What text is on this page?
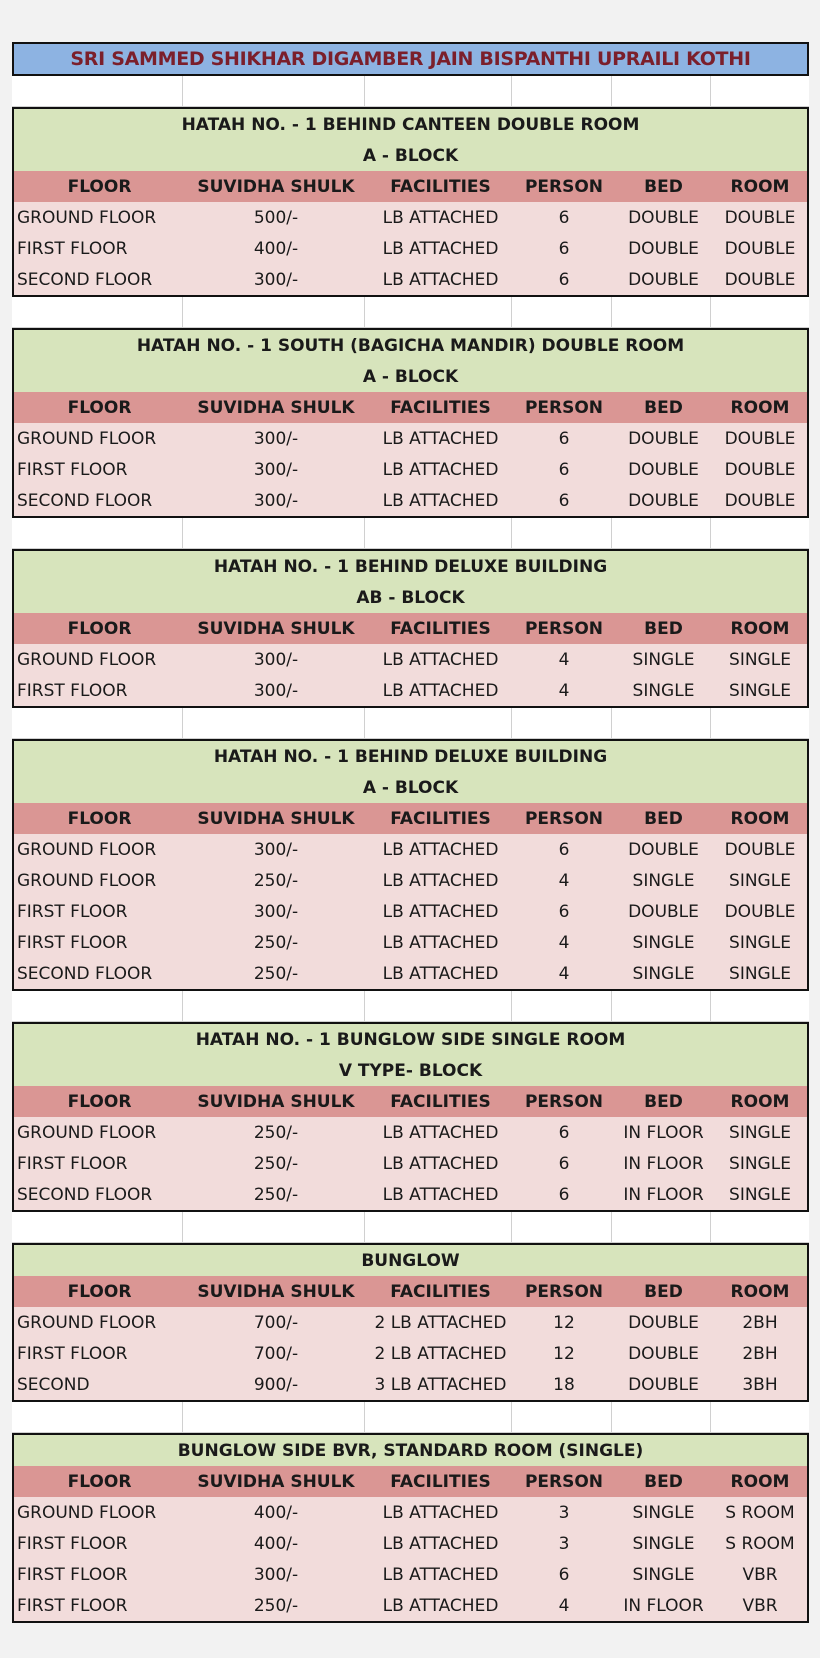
SRI SAMMED SHIKHAR DIGAMBER JAIN BISPANTHI UPRAILI KOTHI
HATAH NO. - 1 BEHIND CANTEEN DOUBLE ROOM
A - BLOCK
FLOOR	SUVIDHA SHULK	FACILITIES	PERSON	BED	ROOM
GROUND FLOOR	500/-	LB ATTACHED	6	DOUBLE	DOUBLE
FIRST FLOOR	400/-	LB ATTACHED	6	DOUBLE	DOUBLE
SECOND FLOOR	300/-	LB ATTACHED	6	DOUBLE	DOUBLE
HATAH NO. - 1 SOUTH (BAGICHA MANDIR) DOUBLE ROOM
A - BLOCK
FLOOR	SUVIDHA SHULK	FACILITIES	PERSON	BED	ROOM
GROUND FLOOR	300/-	LB ATTACHED	6	DOUBLE	DOUBLE
FIRST FLOOR	300/-	LB ATTACHED	6	DOUBLE	DOUBLE
SECOND FLOOR	300/-	LB ATTACHED	6	DOUBLE	DOUBLE
HATAH NO. - 1 BEHIND DELUXE BUILDING
AB - BLOCK
FLOOR	SUVIDHA SHULK	FACILITIES	PERSON	BED	ROOM
GROUND FLOOR	300/-	LB ATTACHED	4	SINGLE	SINGLE
FIRST FLOOR	300/-	LB ATTACHED	4	SINGLE	SINGLE
HATAH NO. - 1 BEHIND DELUXE BUILDING
A - BLOCK
FLOOR	SUVIDHA SHULK	FACILITIES	PERSON	BED	ROOM
GROUND FLOOR	300/-	LB ATTACHED	6	DOUBLE	DOUBLE
GROUND FLOOR	250/-	LB ATTACHED	4	SINGLE	SINGLE
FIRST FLOOR	300/-	LB ATTACHED	6	DOUBLE	DOUBLE
FIRST FLOOR	250/-	LB ATTACHED	4	SINGLE	SINGLE
SECOND FLOOR	250/-	LB ATTACHED	4	SINGLE	SINGLE
HATAH NO. - 1 BUNGLOW SIDE SINGLE ROOM
V TYPE- BLOCK
FLOOR	SUVIDHA SHULK	FACILITIES	PERSON	BED	ROOM
GROUND FLOOR	250/-	LB ATTACHED	6	IN FLOOR	SINGLE
FIRST FLOOR	250/-	LB ATTACHED	6	IN FLOOR	SINGLE
SECOND FLOOR	250/-	LB ATTACHED	6	IN FLOOR	SINGLE
BUNGLOW
FLOOR	SUVIDHA SHULK	FACILITIES	PERSON	BED	ROOM
GROUND FLOOR	700/-	2 LB ATTACHED	12	DOUBLE	2BH
FIRST FLOOR	700/-	2 LB ATTACHED	12	DOUBLE	2BH
SECOND	900/-	3 LB ATTACHED	18	DOUBLE	3BH
BUNGLOW SIDE BVR, STANDARD ROOM (SINGLE)
FLOOR	SUVIDHA SHULK	FACILITIES	PERSON	BED	ROOM
GROUND FLOOR	400/-	LB ATTACHED	3	SINGLE	S ROOM
FIRST FLOOR	400/-	LB ATTACHED	3	SINGLE	S ROOM
FIRST FLOOR	300/-	LB ATTACHED	6	SINGLE	VBR
FIRST FLOOR	250/-	LB ATTACHED	4	IN FLOOR	VBR
